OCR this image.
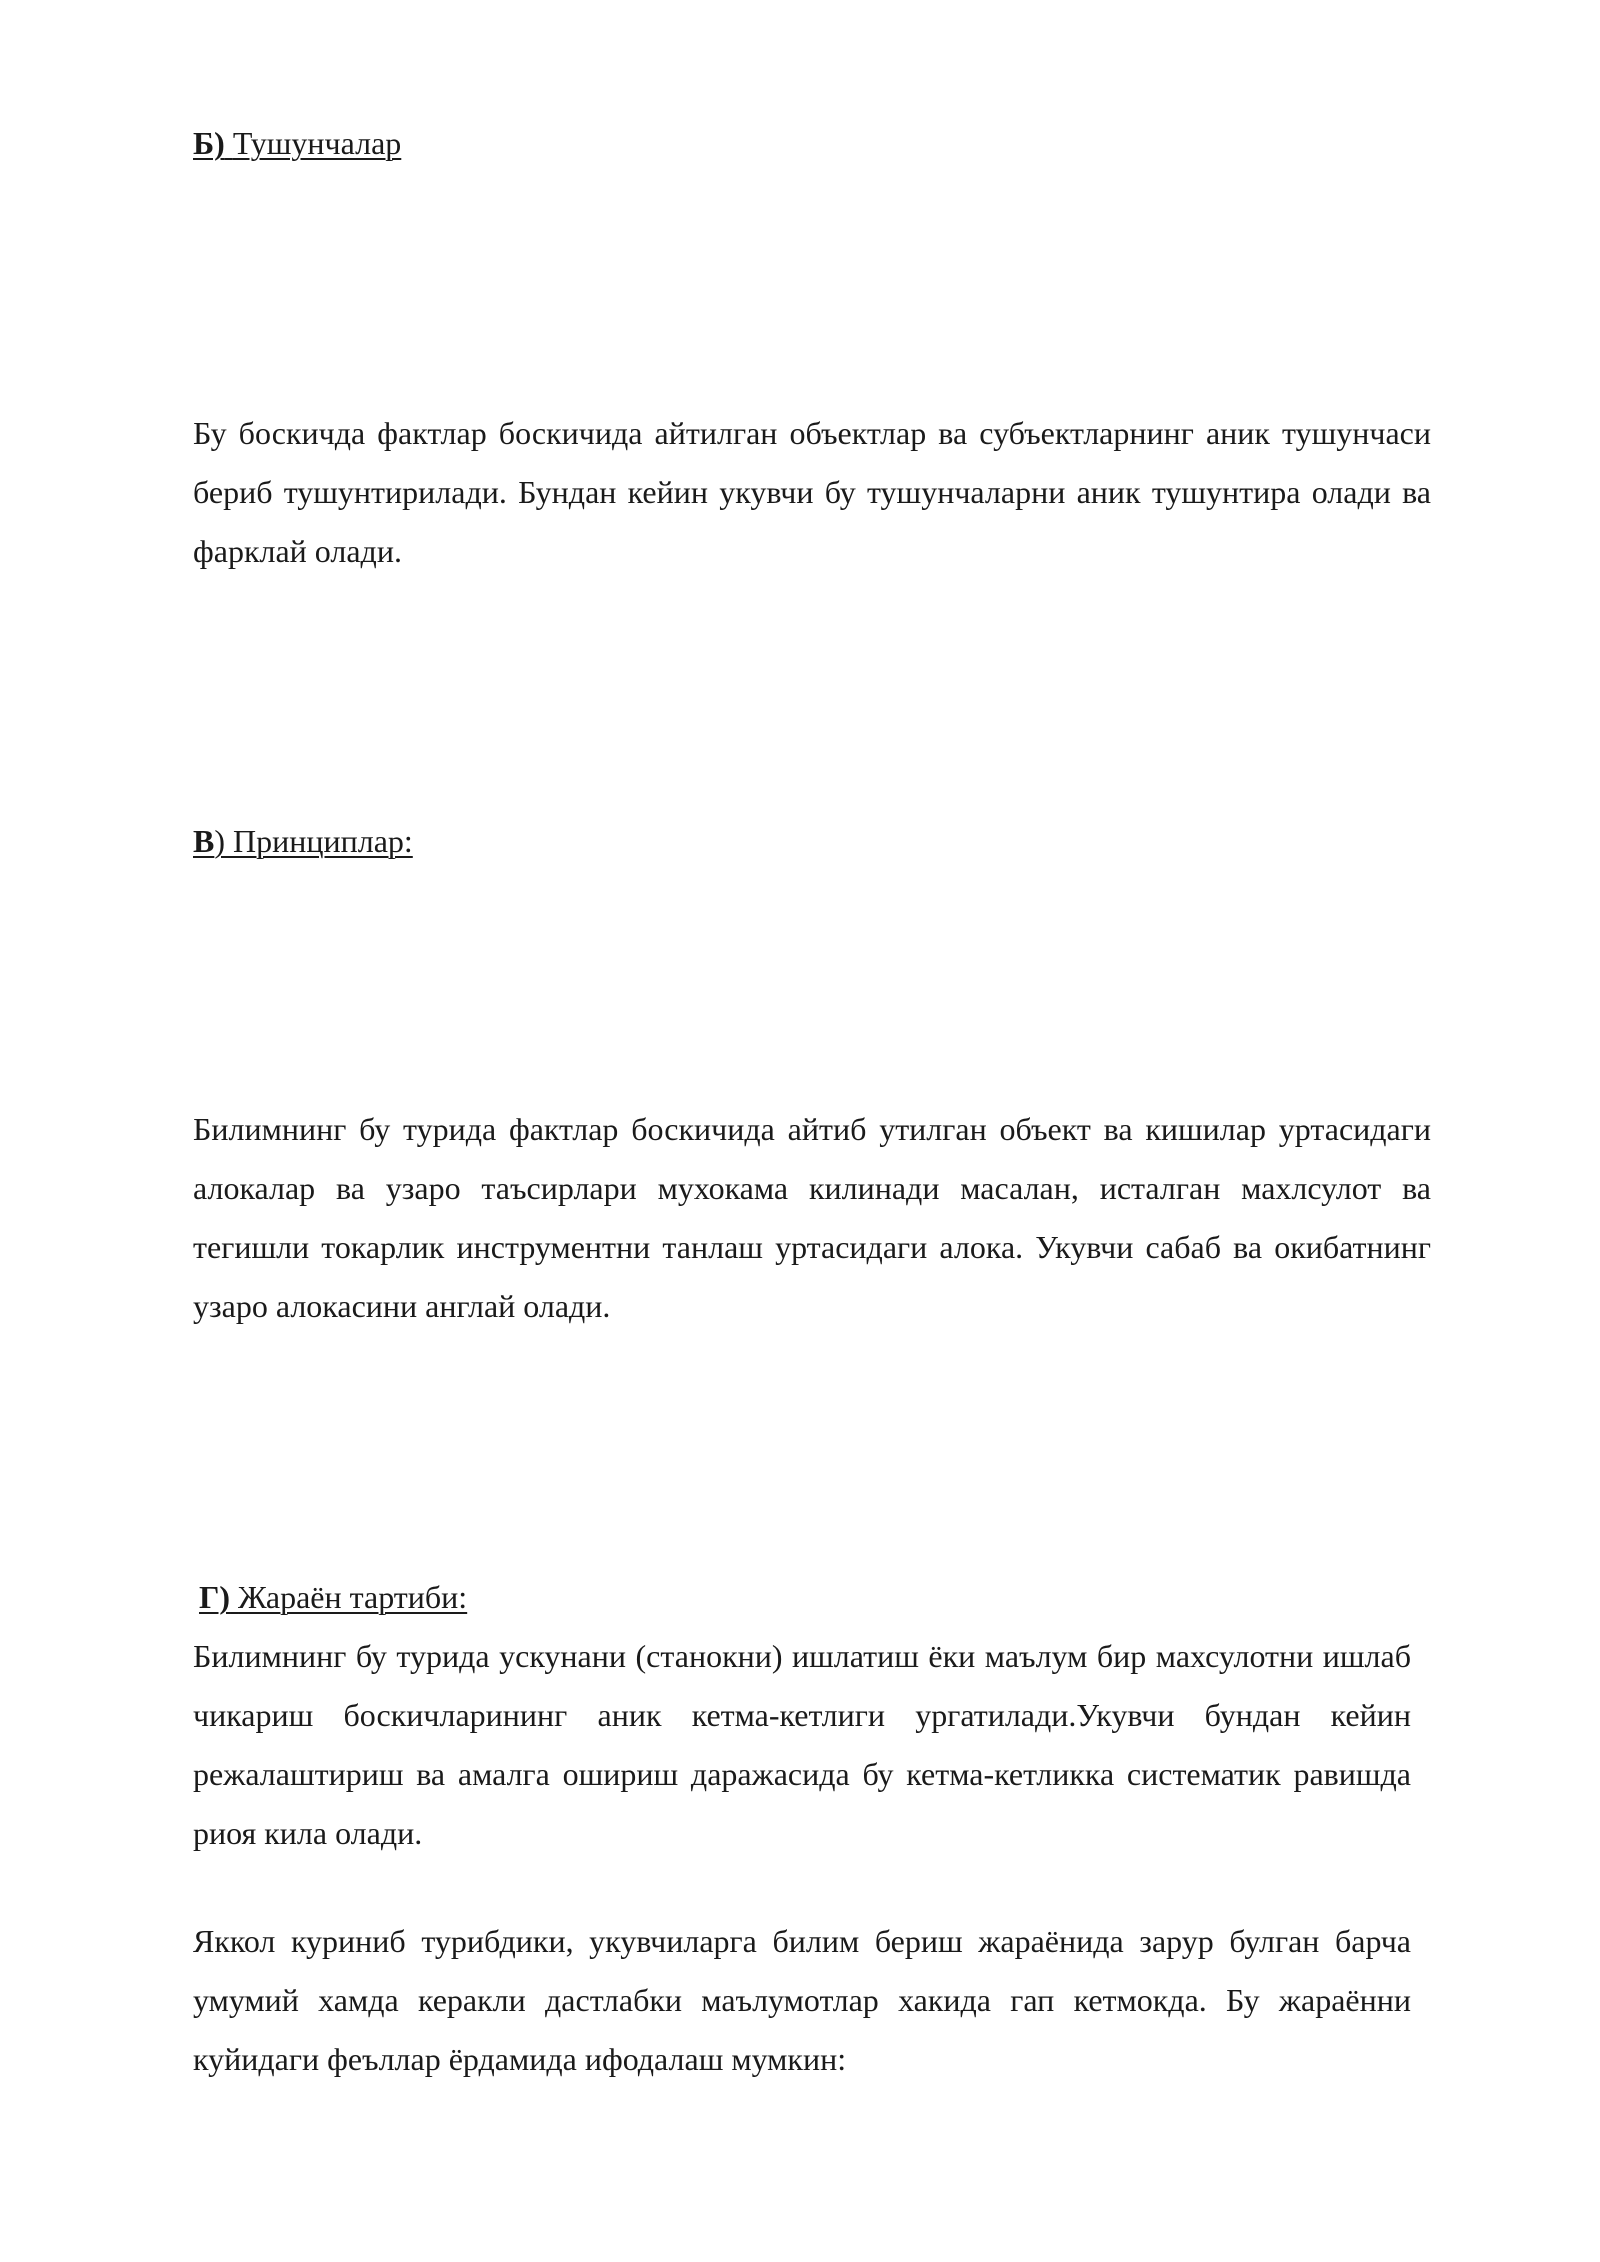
Б) Тушунчалар

Бу боскичда фактлар боскичида айтилган объектлар ва субъектларнинг аник тушунчаси бериб тушунтирилади. Бундан кейин укувчи бу тушунчаларни аник тушунтира олади ва фарклай олади.

В) Принциплар:

Билимнинг бу турида фактлар боскичида айтиб утилган объект ва кишилар уртасидаги алокалар ва узаро таъсирлари мухокама килинади масалан, исталган махлсулот ва тегишли токарлик инструментни танлаш уртасидаги алока. Укувчи сабаб ва окибатнинг узаро алокасини англай олади.

Г) Жараён тартиби:

Билимнинг бу турида ускунани (станокни) ишлатиш ёки маълум бир махсулотни ишлаб чикариш боскичларининг аник кетма-кетлиги ургатилади.Укувчи бундан кейин режалаштириш ва амалга ошириш даражасида бу кетма-кетликка систематик равишда риоя кила олади.

Яккол куриниб турибдики, укувчиларга билим бериш жараёнида зарур булган барча умумий хамда керакли дастлабки маълумотлар хакида гап кетмокда. Бу жараённи куйидаги феъллар ёрдамида ифодалаш мумкин:
